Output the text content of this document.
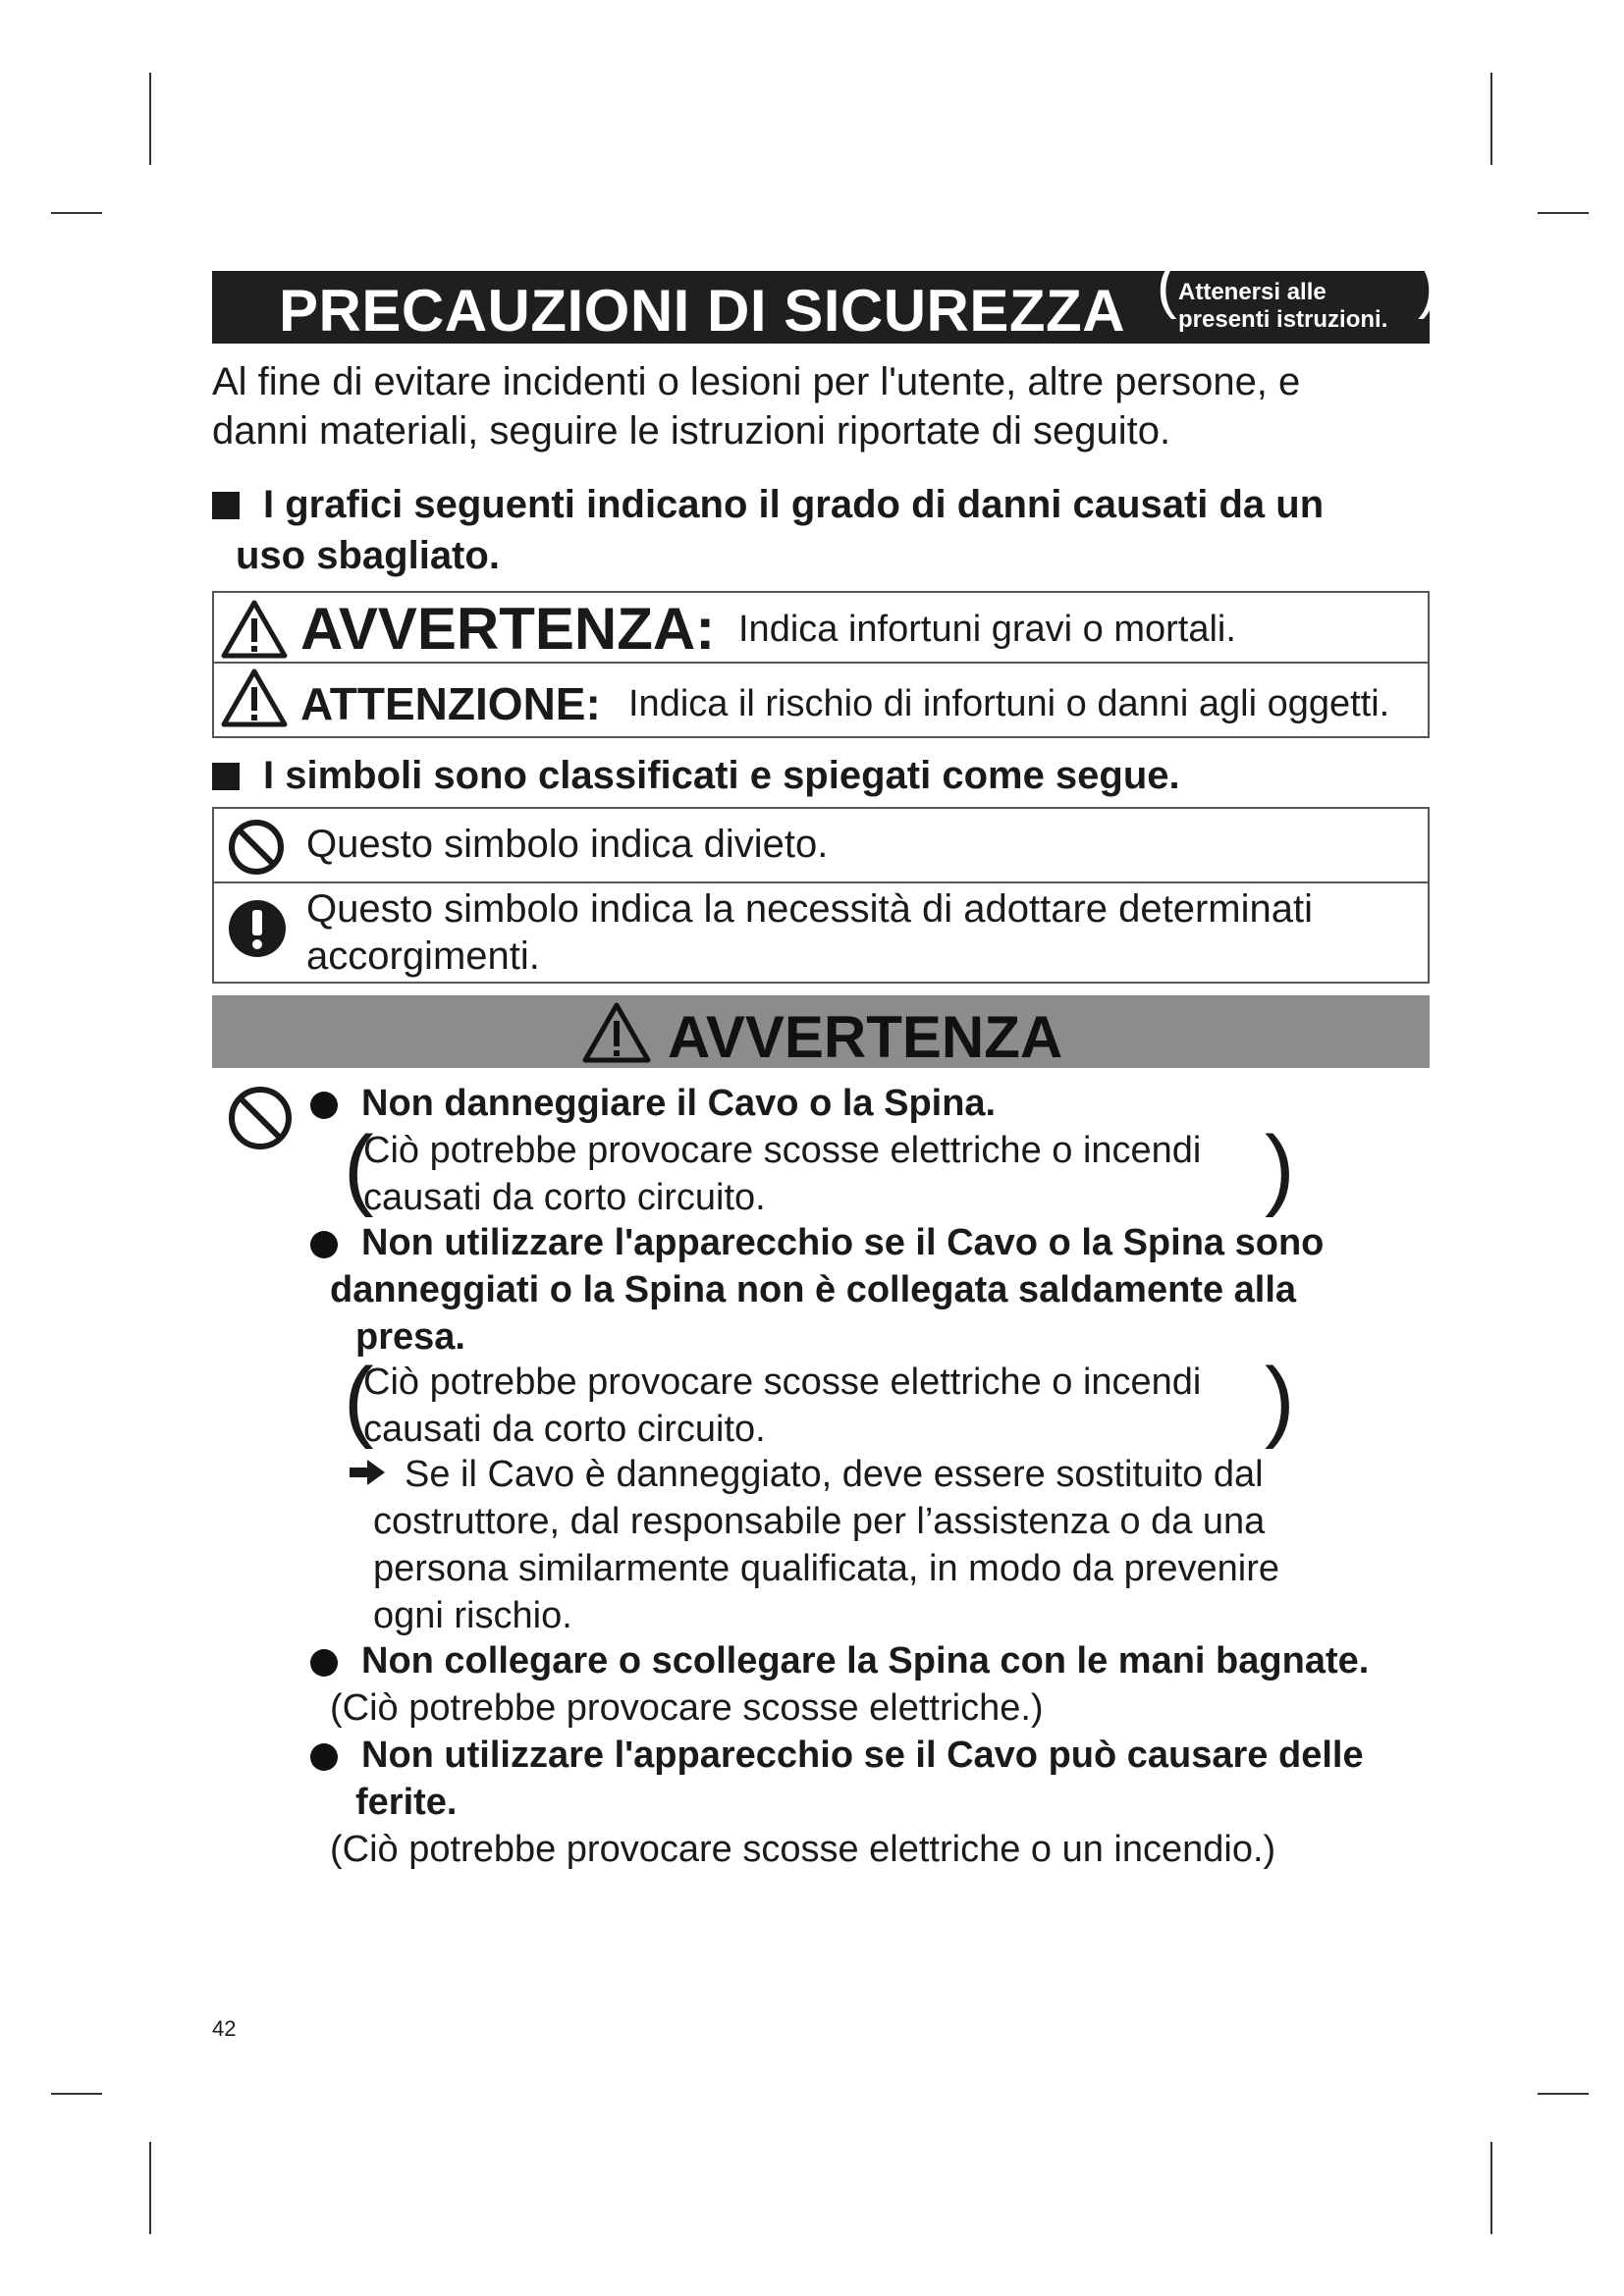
PRECAUZIONI DI SICUREZZA ( Attenersi alle
presenti istruzioni. )
Al fine di evitare incidenti o lesioni per l'utente, altre persone, e
danni materiali, seguire le istruzioni riportate di seguito.
I grafici seguenti indicano il grado di danni causati da un
uso sbagliato.
AVVERTENZA: Indica infortuni gravi o mortali.
ATTENZIONE: Indica il rischio di infortuni o danni agli oggetti.
I simboli sono classificati e spiegati come segue.
Questo simbolo indica divieto.
Questo simbolo indica la necessità di adottare determinati
accorgimenti.
AVVERTENZA
Non danneggiare il Cavo o la Spina.
(
Ciò potrebbe provocare scosse elettriche o incendi
causati da corto circuito.	)
Non utilizzare l'apparecchio se il Cavo o la Spina sono
danneggiati o la Spina non è collegata saldamente alla
presa.
(
Ciò potrebbe provocare scosse elettriche o incendi
causati da corto circuito.	)
Se il Cavo è danneggiato, deve essere sostituito dal
costruttore, dal responsabile per l’assistenza o da una
persona similarmente qualificata, in modo da prevenire
ogni rischio.
Non collegare o scollegare la Spina con le mani bagnate.
(Ciò potrebbe provocare scosse elettriche.)
Non utilizzare l'apparecchio se il Cavo può causare delle
ferite.
(Ciò potrebbe provocare scosse elettriche o un incendio.)
42
